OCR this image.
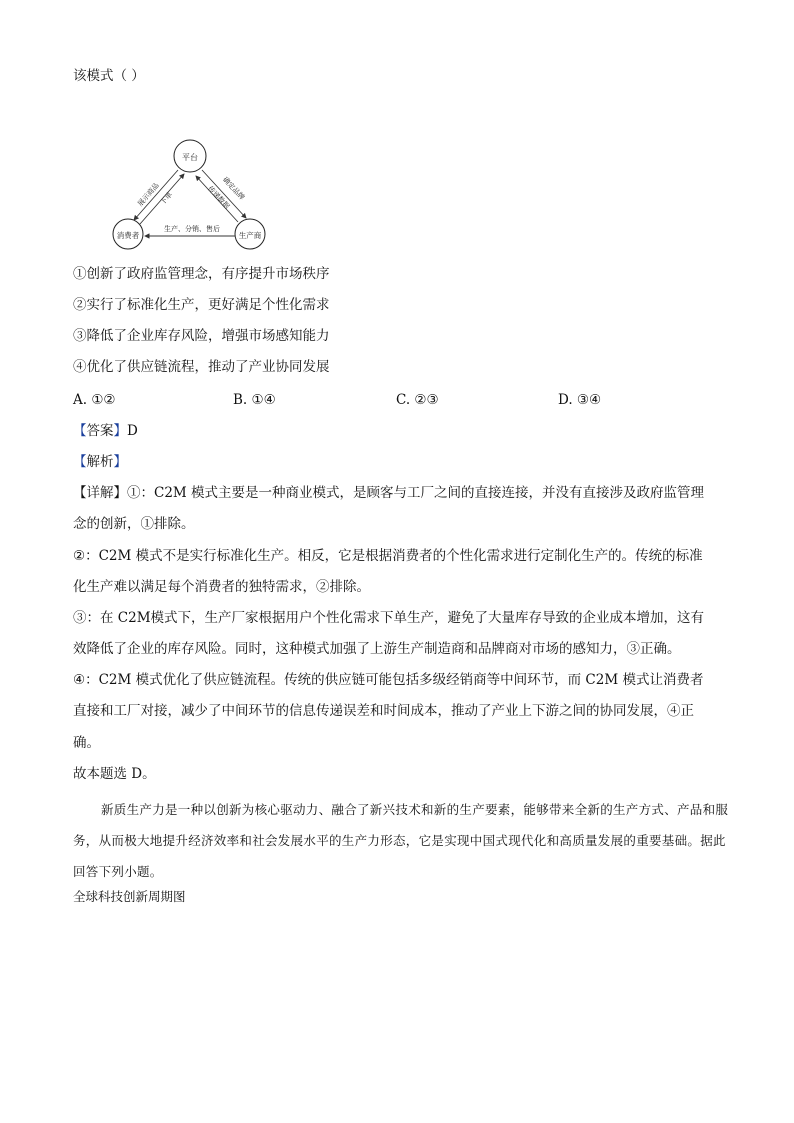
该模式（ ）
平台
消费者	生产商
展示商品
下单	确定品牌
传递数据
生产、分销、售后
①创新了政府监管理念，有序提升市场秩序
②实行了标准化生产，更好满足个性化需求
③降低了企业库存风险，增强市场感知能力
④优化了供应链流程，推动了产业协同发展
A. ①②	B. ①④	C. ②③	D. ③④
【答案】D
【解析】
【详解】①：C2M 模式主要是一种商业模式，是顾客与工厂之间的直接连接，并没有直接涉及政府监管理
念的创新，①排除。
②：C2M 模式不是实行标准化生产。相反，它是根据消费者的个性化需求进行定制化生产的。传统的标准
化生产难以满足每个消费者的独特需求，②排除。
③：在 C2M模式下，生产厂家根据用户个性化需求下单生产，避免了大量库存导致的企业成本增加，这有
效降低了企业的库存风险。同时，这种模式加强了上游生产制造商和品牌商对市场的感知力，③正确。
④：C2M 模式优化了供应链流程。传统的供应链可能包括多级经销商等中间环节，而 C2M 模式让消费者
直接和工厂对接，减少了中间环节的信息传递误差和时间成本，推动了产业上下游之间的协同发展，④正
确。
故本题选 D。
新质生产力是一种以创新为核心驱动力、融合了新兴技术和新的生产要素，能够带来全新的生产方式、产品和服务，从而极大地提升经济效率和社会发展水平的生产力形态，它是实现中国式现代化和高质量发展的重要基础。据此回答下列小题。
全球科技创新周期图
